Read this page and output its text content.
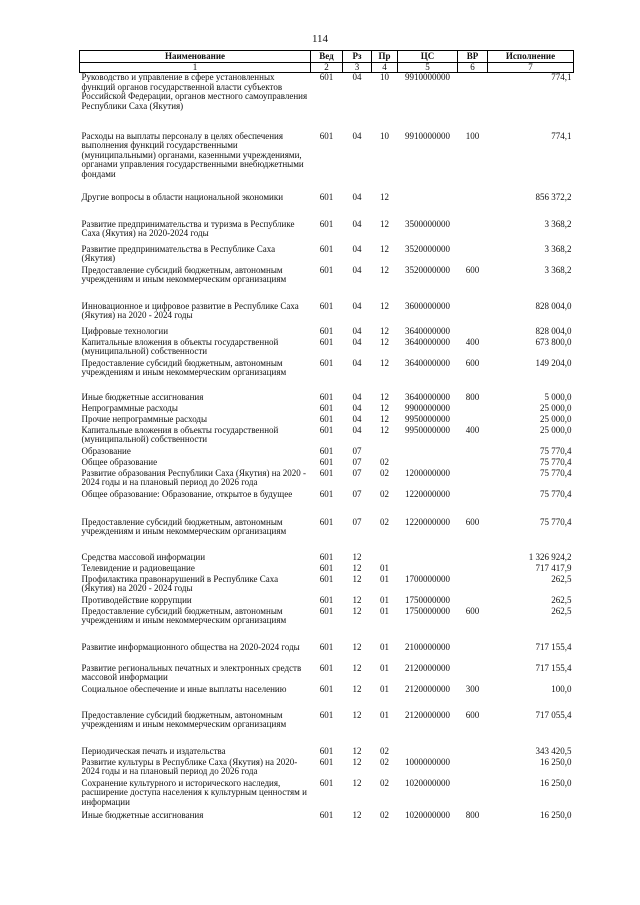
114
Наименование	Вед	Рз	Пр	ЦС	ВР	Исполнение
1	2	3	4	5	6	7
Руководство и управление в сфере установленных функций органов государственной власти субъектов Российской Федерации, органов местного самоуправления Республики Саха (Якутия)	601	04	10	9910000000		774,1
Расходы на выплаты персоналу в целях обеспечения выполнения функций государственными (муниципальными) органами, казенными учреждениями, органами управления государственными внебюджетными фондами	601	04	10	9910000000	100	774,1
Другие вопросы в области национальной экономики	601	04	12			856 372,2
Развитие предпринимательства и туризма в Республике Саха (Якутия) на 2020-2024 годы	601	04	12	3500000000		3 368,2
Развитие предпринимательства в Республике Саха (Якутия)	601	04	12	3520000000		3 368,2
Предоставление субсидий бюджетным, автономным учреждениям и иным некоммерческим организациям	601	04	12	3520000000	600	3 368,2
Инновационное и цифровое развитие в Республике Саха (Якутия) на 2020 - 2024 годы	601	04	12	3600000000		828 004,0
Цифровые технологии	601	04	12	3640000000		828 004,0
Капитальные вложения в объекты государственной (муниципальной) собственности	601	04	12	3640000000	400	673 800,0
Предоставление субсидий бюджетным, автономным учреждениям и иным некоммерческим организациям	601	04	12	3640000000	600	149 204,0
Иные бюджетные ассигнования	601	04	12	3640000000	800	5 000,0
Непрограммные расходы	601	04	12	9900000000		25 000,0
Прочие непрограммные расходы	601	04	12	9950000000		25 000,0
Капитальные вложения в объекты государственной (муниципальной) собственности	601	04	12	9950000000	400	25 000,0
Образование	601	07				75 770,4
Общее образование	601	07	02			75 770,4
Развитие образования Республики Саха (Якутия) на 2020 - 2024 годы и на плановый период до 2026 года	601	07	02	1200000000		75 770,4
Общее образование: Образование, открытое в будущее	601	07	02	1220000000		75 770,4
Предоставление субсидий бюджетным, автономным учреждениям и иным некоммерческим организациям	601	07	02	1220000000	600	75 770,4
Средства массовой информации	601	12				1 326 924,2
Телевидение и радиовещание	601	12	01			717 417,9
Профилактика правонарушений в Республике Саха (Якутия) на 2020 - 2024 годы	601	12	01	1700000000		262,5
Противодействие коррупции	601	12	01	1750000000		262,5
Предоставление субсидий бюджетным, автономным учреждениям и иным некоммерческим организациям	601	12	01	1750000000	600	262,5
Развитие информационного общества на 2020-2024 годы	601	12	01	2100000000		717 155,4
Развитие региональных печатных и электронных средств массовой информации	601	12	01	2120000000		717 155,4
Социальное обеспечение и иные выплаты населению	601	12	01	2120000000	300	100,0
Предоставление субсидий бюджетным, автономным учреждениям и иным некоммерческим организациям	601	12	01	2120000000	600	717 055,4
Периодическая печать и издательства	601	12	02			343 420,5
Развитие культуры в Республике Саха (Якутия) на 2020-2024 годы и на плановый период до 2026 года	601	12	02	1000000000		16 250,0
Сохранение культурного и исторического наследия, расширение доступа населения к культурным ценностям и информации	601	12	02	1020000000		16 250,0
Иные бюджетные ассигнования	601	12	02	1020000000	800	16 250,0
